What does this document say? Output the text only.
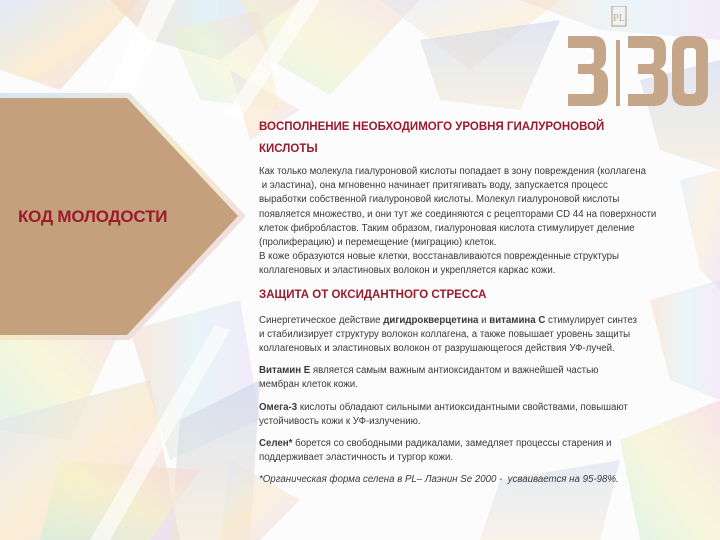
КОД МОЛОДОСТИ
PL
ВОСПОЛНЕНИЕ НЕОБХОДИМОГО УРОВНЯ ГИАЛУРОНОВОЙ
КИСЛОТЫ
Как только молекула гиалуроновой кислоты попадает в зону повреждения (коллагена
и эластина), она мгновенно начинает притягивать воду, запускается процесс
выработки собственной гиалуроновой кислоты. Молекул гиалуроновой кислоты
появляется множество, и они тут же соединяются с рецепторами CD 44 на поверхности
клеток фибробластов. Таким образом, гиалуроновая кислота стимулирует деление
(пролиферацию) и перемещение (миграцию) клеток.
В коже образуются новые клетки, восстанавливаются поврежденные структуры
коллагеновых и эластиновых волокон и укрепляется каркас кожи.
ЗАЩИТА ОТ ОКСИДАНТНОГО СТРЕССА
Синергетическое действие дигидрокверцетина и витамина С стимулирует синтез
и стабилизирует структуру волокон коллагена, а также повышает уровень защиты
коллагеновых и эластиновых волокон от разрушающегося действия УФ-лучей.
Витамин Е является самым важным антиоксидантом и важнейшей частью
мембран клеток кожи.
Омега-3 кислоты обладают сильными антиоксидантными свойствами, повышают
устойчивость кожи к УФ-излучению.
Селен* борется со свободными радикалами, замедляет процессы старения и
поддерживает эластичность и тургор кожи.
*Органическая форма селена в PL– Лаэнин Se 2000 -  усваивается на 95-98%.
